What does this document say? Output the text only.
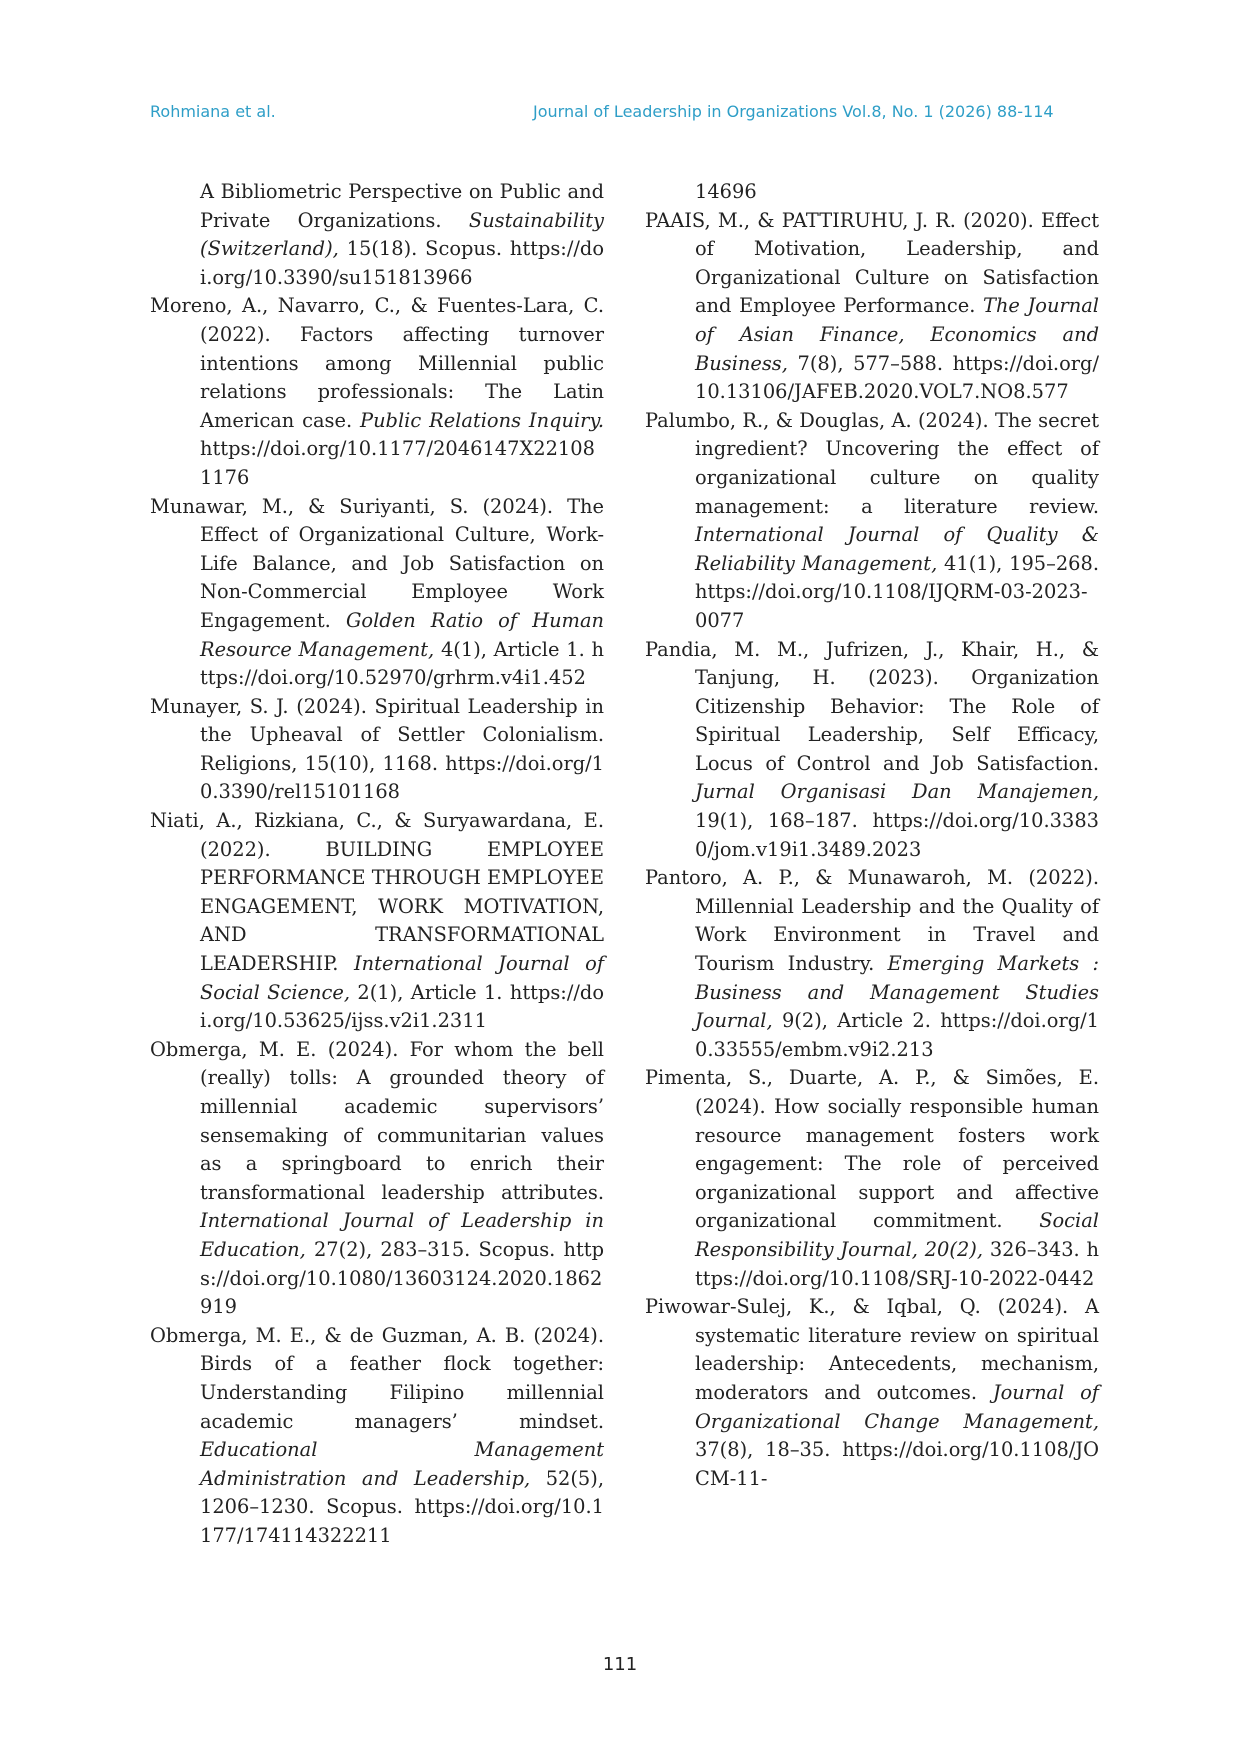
Rohmiana et al.	Journal of Leadership in Organizations Vol.8, No. 1 (2026) 88-114

A Bibliometric Perspective on Public and Private Organizations. Sustainability (Switzerland), 15(18). Scopus. https://doi.org/10.3390/su151813966

Moreno, A., Navarro, C., & Fuentes-Lara, C. (2022). Factors affecting turnover intentions among Millennial public relations professionals: The Latin American case. Public Relations Inquiry. https://doi.org/10.1177/2046147X221081176

Munawar, M., & Suriyanti, S. (2024). The Effect of Organizational Culture, Work-Life Balance, and Job Satisfaction on Non-Commercial Employee Work Engagement. Golden Ratio of Human Resource Management, 4(1), Article 1. https://doi.org/10.52970/grhrm.v4i1.452

Munayer, S. J. (2024). Spiritual Leadership in the Upheaval of Settler Colonialism. Religions, 15(10), 1168. https://doi.org/10.3390/rel15101168

Niati, A., Rizkiana, C., & Suryawardana, E. (2022). BUILDING EMPLOYEE PERFORMANCE THROUGH EMPLOYEE ENGAGEMENT, WORK MOTIVATION, AND TRANSFORMATIONAL LEADERSHIP. International Journal of Social Science, 2(1), Article 1. https://doi.org/10.53625/ijss.v2i1.2311

Obmerga, M. E. (2024). For whom the bell (really) tolls: A grounded theory of millennial academic supervisors’ sensemaking of communitarian values as a springboard to enrich their transformational leadership attributes. International Journal of Leadership in Education, 27(2), 283–315. Scopus. https://doi.org/10.1080/13603124.2020.1862919

Obmerga, M. E., & de Guzman, A. B. (2024). Birds of a feather flock together: Understanding Filipino millennial academic managers’ mindset. Educational Management Administration and Leadership, 52(5), 1206–1230. Scopus. https://doi.org/10.1177/174114322211

14696

PAAIS, M., & PATTIRUHU, J. R. (2020). Effect of Motivation, Leadership, and Organizational Culture on Satisfaction and Employee Performance. The Journal of Asian Finance, Economics and Business, 7(8), 577–588. https://doi.org/10.13106/JAFEB.2020.VOL7.NO8.577

Palumbo, R., & Douglas, A. (2024). The secret ingredient? Uncovering the effect of organizational culture on quality management: a literature review. International Journal of Quality & Reliability Management, 41(1), 195–268. https://doi.org/10.1108/IJQRM-03-2023-0077

Pandia, M. M., Jufrizen, J., Khair, H., & Tanjung, H. (2023). Organization Citizenship Behavior: The Role of Spiritual Leadership, Self Efficacy, Locus of Control and Job Satisfaction. Jurnal Organisasi Dan Manajemen, 19(1), 168–187. https://doi.org/10.33830/jom.v19i1.3489.2023

Pantoro, A. P., & Munawaroh, M. (2022). Millennial Leadership and the Quality of Work Environment in Travel and Tourism Industry. Emerging Markets : Business and Management Studies Journal, 9(2), Article 2. https://doi.org/10.33555/embm.v9i2.213

Pimenta, S., Duarte, A. P., & Simões, E. (2024). How socially responsible human resource management fosters work engagement: The role of perceived organizational support and affective organizational commitment. Social Responsibility Journal, 20(2), 326–343. https://doi.org/10.1108/SRJ-10-2022-0442

Piwowar-Sulej, K., & Iqbal, Q. (2024). A systematic literature review on spiritual leadership: Antecedents, mechanism, moderators and outcomes. Journal of Organizational Change Management, 37(8), 18–35. https://doi.org/10.1108/JOCM-11-

111
